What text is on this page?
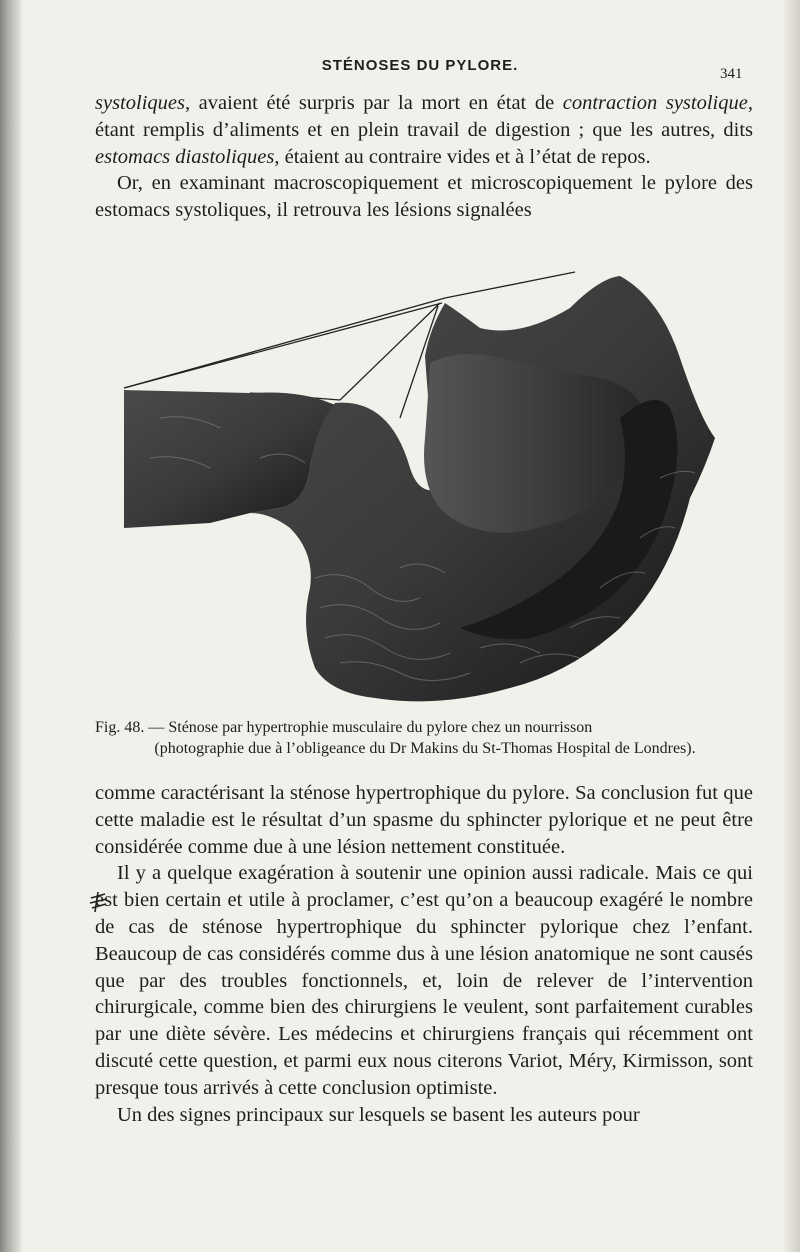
STÉNOSES DU PYLORE.	341

systoliques, avaient été surpris par la mort en état de contraction systolique, étant remplis d’aliments et en plein travail de digestion ; que les autres, dits estomacs diastoliques, étaient au contraire vides et à l’état de repos.

Or, en examinant macroscopiquement et microscopiquement le pylore des estomacs systoliques, il retrouva les lésions signalées

Fig. 48. — Sténose par hypertrophie musculaire du pylore chez un nourrisson
(photographie due à l’obligeance du Dr Makins du St-Thomas Hospital de Londres).

comme caractérisant la sténose hypertrophique du pylore. Sa conclusion fut que cette maladie est le résultat d’un spasme du sphincter pylorique et ne peut être considérée comme due à une lésion nettement constituée.

Il y a quelque exagération à soutenir une opinion aussi radicale. Mais ce qui est bien certain et utile à proclamer, c’est qu’on a beaucoup exagéré le nombre de cas de sténose hypertrophique du sphincter pylorique chez l’enfant. Beaucoup de cas considérés comme dus à une lésion anatomique ne sont causés que par des troubles fonctionnels, et, loin de relever de l’intervention chirurgicale, comme bien des chirurgiens le veulent, sont parfaitement curables par une diète sévère. Les médecins et chirurgiens français qui récemment ont discuté cette question, et parmi eux nous citerons Variot, Méry, Kirmisson, sont presque tous arrivés à cette conclusion optimiste.

Un des signes principaux sur lesquels se basent les auteurs pour
